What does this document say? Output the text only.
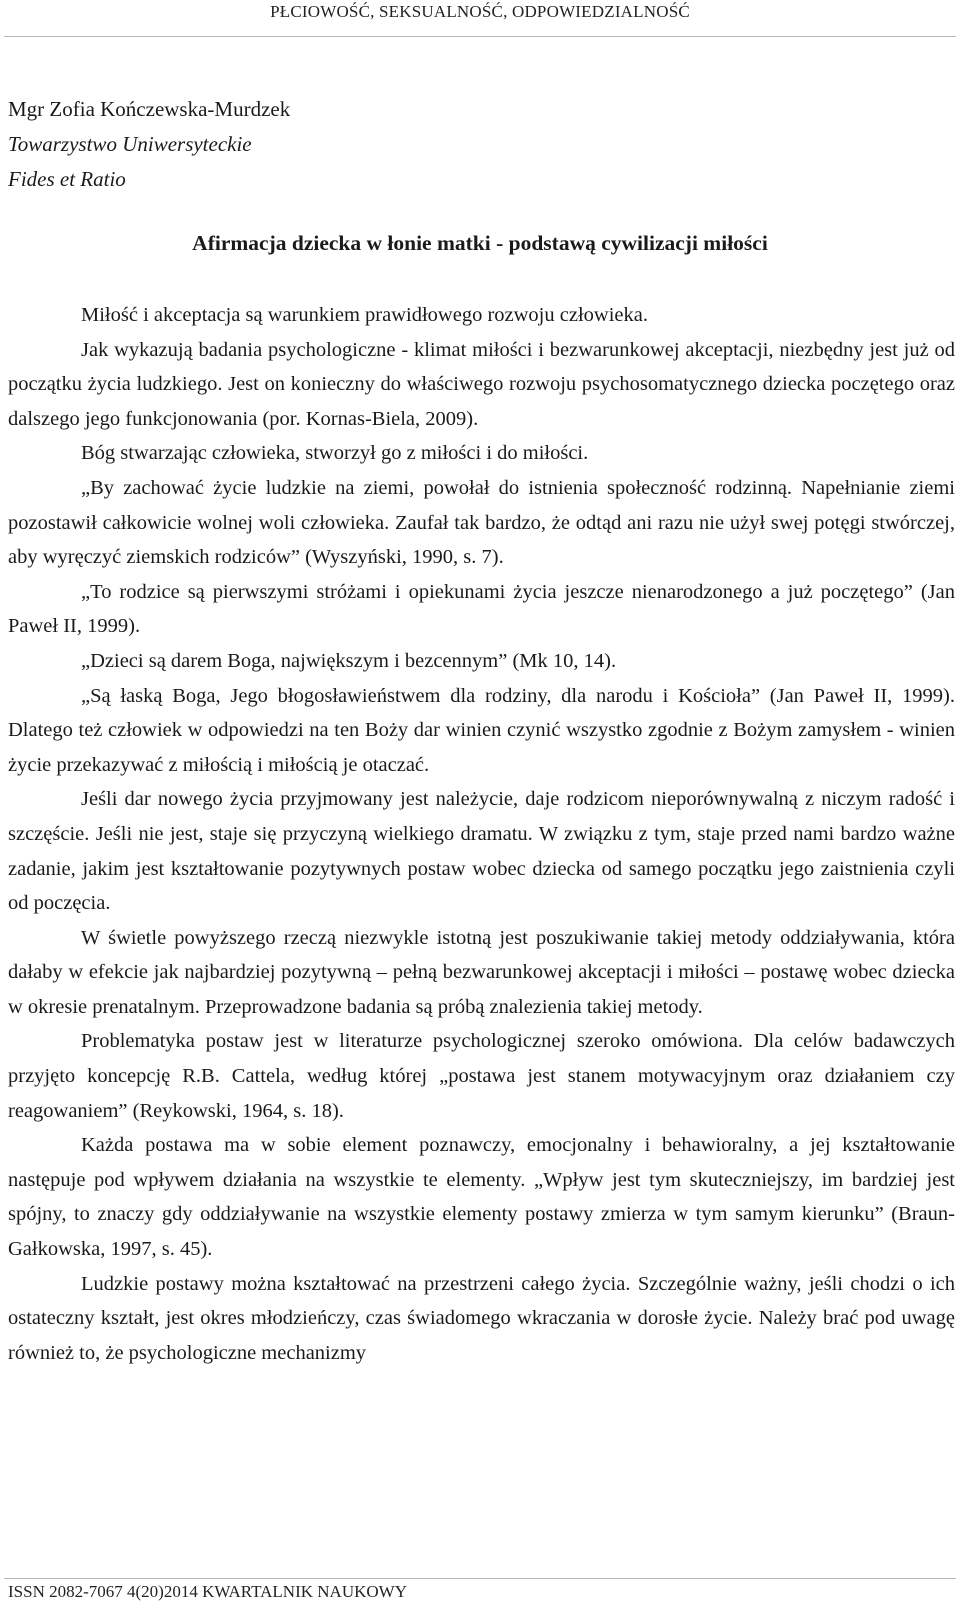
PŁCIOWOŚĆ, SEKSUALNOŚĆ, ODPOWIEDZIALNOŚĆ
Mgr Zofia Kończewska-Murdzek
Towarzystwo Uniwersyteckie
Fides et Ratio
Afirmacja dziecka w łonie matki - podstawą cywilizacji miłości

Miłość i akceptacja są warunkiem prawidłowego rozwoju człowieka.

Jak wykazują badania psychologiczne - klimat miłości i bezwarunkowej akceptacji, niezbędny jest już od początku życia ludzkiego. Jest on konieczny do właściwego rozwoju psychosomatycznego dziecka poczętego oraz dalszego jego funkcjonowania (por. Kornas-Biela, 2009).

Bóg stwarzając człowieka, stworzył go z miłości i do miłości.

„By zachować życie ludzkie na ziemi, powołał do istnienia społeczność rodzinną. Napełnianie ziemi pozostawił całkowicie wolnej woli człowieka. Zaufał tak bardzo, że odtąd ani razu nie użył swej potęgi stwórczej, aby wyręczyć ziemskich rodziców” (Wyszyński, 1990, s. 7).

„To rodzice są pierwszymi stróżami i opiekunami życia jeszcze nienarodzonego a już poczętego” (Jan Paweł II, 1999).

„Dzieci są darem Boga, największym i bezcennym” (Mk 10, 14).

„Są łaską Boga, Jego błogosławieństwem dla rodziny, dla narodu i Kościoła” (Jan Paweł II, 1999). Dlatego też człowiek w odpowiedzi na ten Boży dar winien czynić wszystko zgodnie z Bożym zamysłem - winien życie przekazywać z miłością i miłością je otaczać.

Jeśli dar nowego życia przyjmowany jest należycie, daje rodzicom nieporównywalną z niczym radość i szczęście. Jeśli nie jest, staje się przyczyną wielkiego dramatu. W związku z tym, staje przed nami bardzo ważne zadanie, jakim jest kształtowanie pozytywnych postaw wobec dziecka od samego początku jego zaistnienia czyli od poczęcia.

W świetle powyższego rzeczą niezwykle istotną jest poszukiwanie takiej metody oddziaływania, która dałaby w efekcie jak najbardziej pozytywną – pełną bezwarunkowej akceptacji i miłości – postawę wobec dziecka w okresie prenatalnym. Przeprowadzone badania są próbą znalezienia takiej metody.

Problematyka postaw jest w literaturze psychologicznej szeroko omówiona. Dla celów badawczych przyjęto koncepcję R.B. Cattela, według której „postawa jest stanem motywacyjnym oraz działaniem czy reagowaniem” (Reykowski, 1964, s. 18).

Każda postawa ma w sobie element poznawczy, emocjonalny i behawioralny, a jej kształtowanie następuje pod wpływem działania na wszystkie te elementy. „Wpływ jest tym skuteczniejszy, im bardziej jest spójny, to znaczy gdy oddziaływanie na wszystkie elementy postawy zmierza w tym samym kierunku” (Braun-Gałkowska, 1997, s. 45).

Ludzkie postawy można kształtować na przestrzeni całego życia. Szczególnie ważny, jeśli chodzi o ich ostateczny kształt, jest okres młodzieńczy, czas świadomego wkraczania w dorosłe życie. Należy brać pod uwagę również to, że psychologiczne mechanizmy

ISSN 2082-7067 4(20)2014 KWARTALNIK NAUKOWY
